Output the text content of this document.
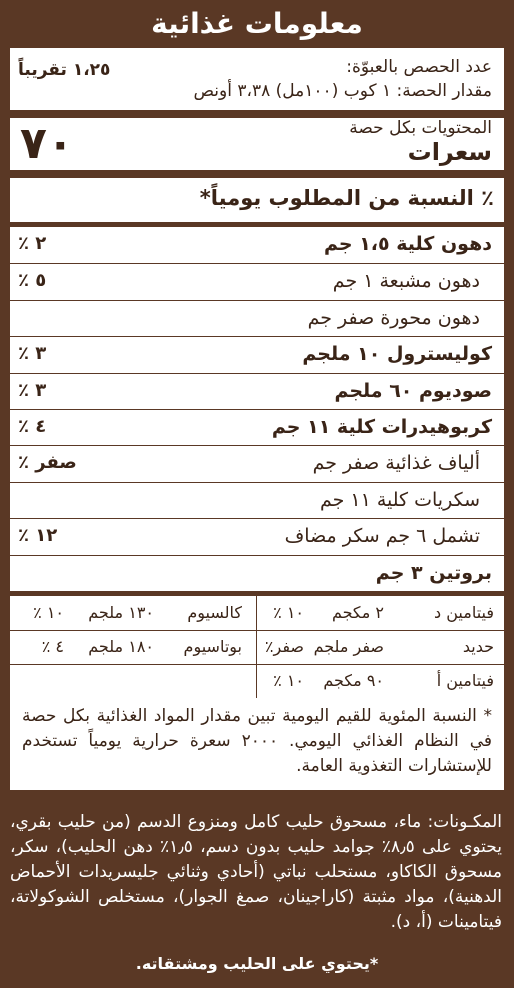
معلومات غذائية
عدد الحصص بالعبوّة:
مقدار الحصة: ١ كوب (١٠٠مل) ٣،٣٨ أونص
١،٢٥ تقريباً
المحتويات بكل حصة
سعرات
٧٠
٪ النسبة من المطلوب يومياً*
دهون كلية ١،٥ جم
٢ ٪
دهون مشبعة ١ جم
٥ ٪
دهون محورة صفر جم
كوليسترول ١٠ ملجم
٣ ٪
صوديوم ٦٠ ملجم
٣ ٪
كربوهيدرات كلية ١١ جم
٤ ٪
ألياف غذائية صفر جم
صفر ٪
سكريات كلية ١١ جم
تشمل ٦ جم سكر مضاف
١٢ ٪
بروتين ٣ جم
فيتامين د
٢ مكجم
١٠ ٪
كالسيوم
١٣٠ ملجم
١٠ ٪
حديد
صفر ملجم
صفر٪
بوتاسيوم
١٨٠ ملجم
٤ ٪
فيتامين أ
٩٠ مكجم
١٠ ٪

* النسبة المئوية للقيم اليومية تبين مقدار المواد الغذائية بكل حصة في النظام الغذائي اليومي. ٢٠٠٠ سعرة حرارية يومياً تستخدم للإستشارات التغذوية العامة.

المكـونات: ماء، مسحوق حليب كامل ومنزوع الدسم (من حليب بقري، يحتوي على ٨٫٥٪ جوامد حليب بدون دسم، ١٫٥٪ دهن الحليب)، سكر، مسحوق الكاكاو، مستحلب نباتي (أحادي وثنائي جليسريدات الأحماض الدهنية)، مواد مثبتة (كاراجينان، صمغ الجوار)، مستخلص الشوكولاتة، فيتامينات (أ، د).

*يحتوي على الحليب ومشتقاته.
